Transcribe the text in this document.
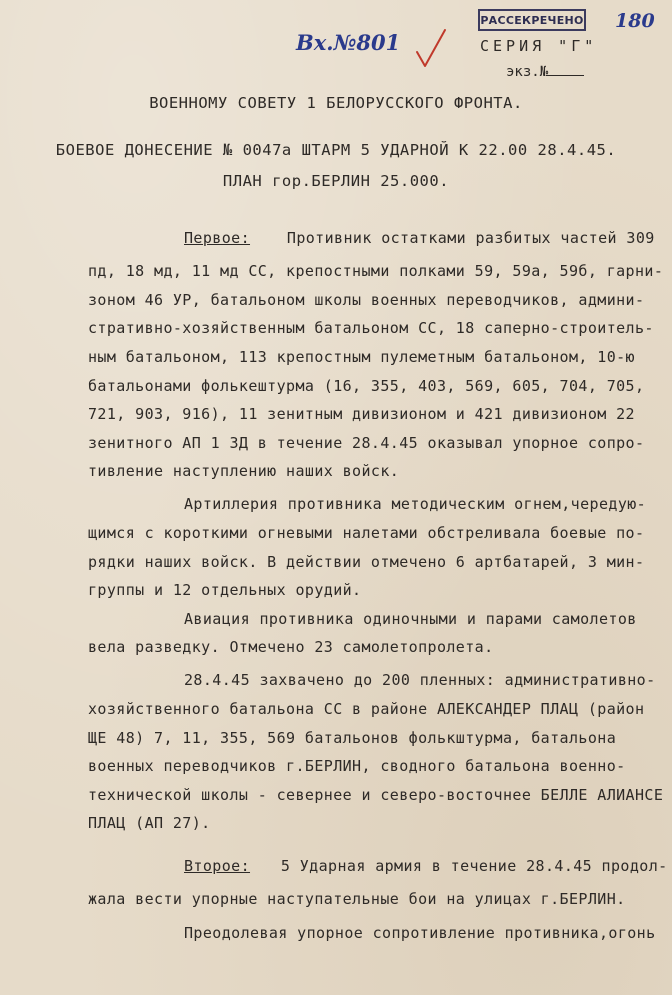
Вх.№801
180
РАССЕКРЕЧЕНО
СЕРИЯ "Г"
экз.№
ВОЕННОМУ СОВЕТУ 1 БЕЛОРУССКОГО ФРОНТА.
БОЕВОЕ ДОНЕСЕНИЕ № 0047а ШТАРМ 5 УДАРНОЙ К 22.00 28.4.45.
ПЛАН гор.БЕРЛИН 25.000.
Первое: Противник остатками разбитых частей 309
пд, 18 мд, 11 мд СС, крепостными полками 59, 59а, 59б, гарни-
зоном 46 УР, батальоном школы военных переводчиков, админи-
стративно-хозяйственным батальоном СС, 18 саперно-строитель-
ным батальоном, 113 крепостным пулеметным батальоном, 10-ю
батальонами фолькештурма (16, 355, 403, 569, 605, 704, 705,
721, 903, 916), 11 зенитным дивизионом и 421 дивизионом 22
зенитного АП 1 ЗД в течение 28.4.45 оказывал упорное сопро-
тивление наступлению наших войск.
Артиллерия противника методическим огнем,чередую-
щимся с короткими огневыми налетами обстреливала боевые по-
рядки наших войск. В действии отмечено 6 артбатарей, 3 мин-
группы и 12 отдельных орудий.
Авиация противника одиночными и парами самолетов
вела разведку. Отмечено 23 самолетопролета.
28.4.45 захвачено до 200 пленных: административно-
хозяйственного батальона СС в районе АЛЕКСАНДЕР ПЛАЦ (район
ЩЕ 48) 7, 11, 355, 569 батальонов фолькштурма, батальона
военных переводчиков г.БЕРЛИН, сводного батальона военно-
технической школы - севернее и северо-восточнее БЕЛЛЕ АЛИАНСЕ
ПЛАЦ (АП 27).
Второе: 5 Ударная армия в течение 28.4.45 продол-
жала вести упорные наступательные бои на улицах г.БЕРЛИН.
Преодолевая упорное сопротивление противника,огонь
